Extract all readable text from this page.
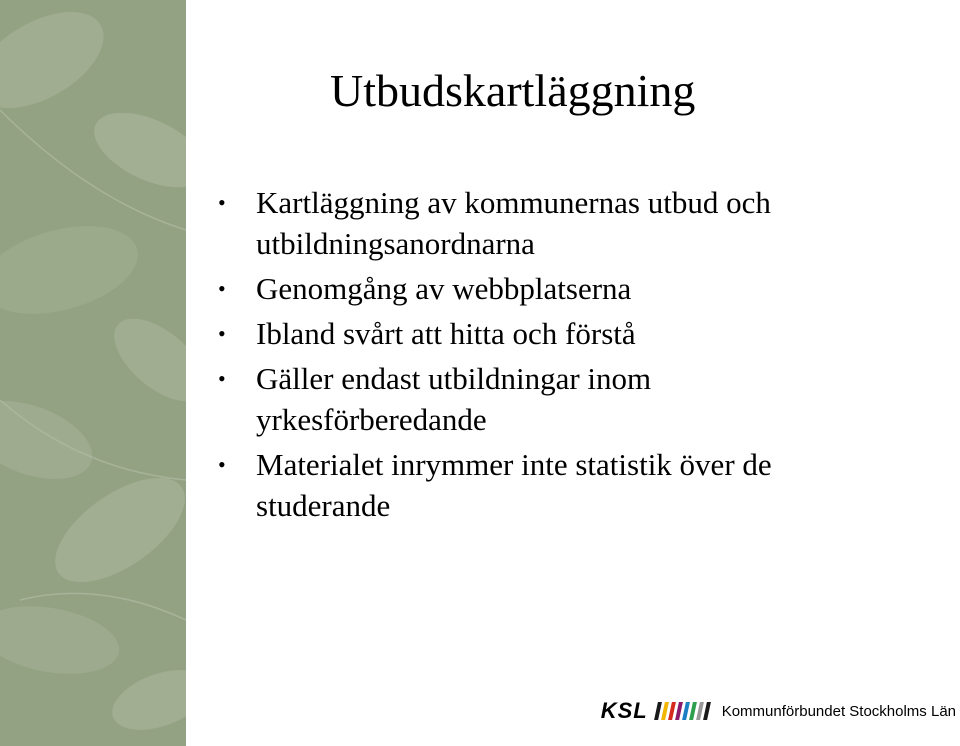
Utbudskartläggning
• Kartläggning av kommunernas utbud och
utbildningsanordnarna
• Genomgång av webbplatserna
• Ibland svårt att hitta och förstå
• Gäller endast utbildningar inom
yrkesförberedande
• Materialet inrymmer inte statistik över de
studerande
KSL	Kommunförbundet Stockholms Län
